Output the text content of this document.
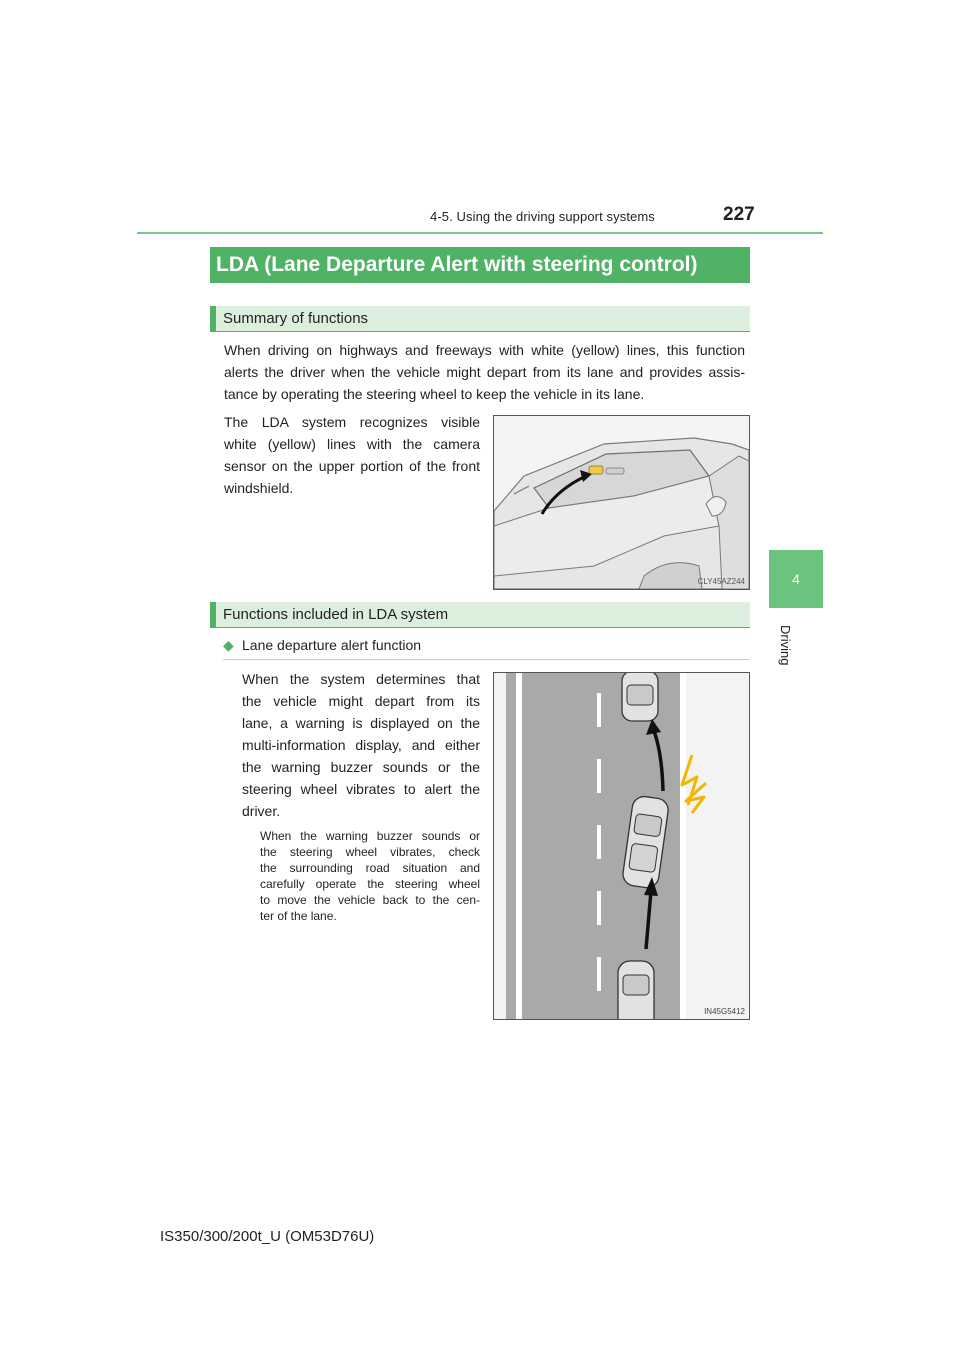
4-5. Using the driving support systems	227
4
Driving
LDA (Lane Departure Alert with steering control)
Summary of functions
When driving on highways and freeways with white (yellow) lines, this function
alerts the driver when the vehicle might depart from its lane and provides assis-
tance by operating the steering wheel to keep the vehicle in its lane.
The LDA system recognizes visible
white (yellow) lines with the camera
sensor on the upper portion of the front
windshield.
CLY45AZ244
Functions included in LDA system
◆ Lane departure alert function
When the system determines that
the vehicle might depart from its
lane, a warning is displayed on the
multi-information display, and either
the warning buzzer sounds or the
steering wheel vibrates to alert the
driver.
When the warning buzzer sounds or
the steering wheel vibrates, check
the surrounding road situation and
carefully operate the steering wheel
to move the vehicle back to the cen-
ter of the lane.
IN45G5412
IS350/300/200t_U (OM53D76U)
